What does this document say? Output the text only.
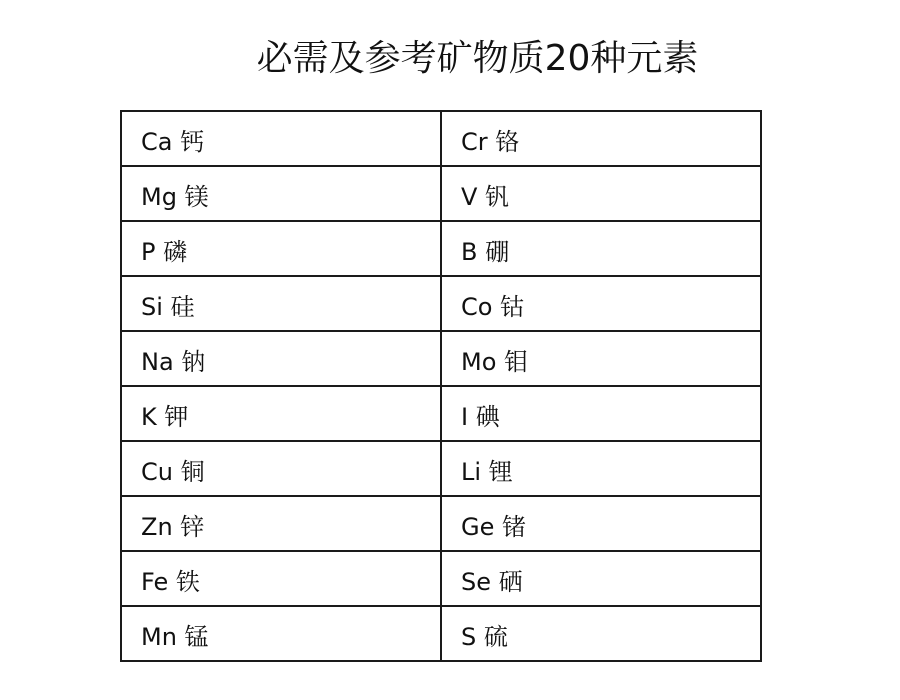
必需及参考矿物质20种元素
Ca 钙	Cr 铬
Mg 镁	V 钒
P 磷	B 硼
Si 硅	Co 钴
Na 钠	Mo 钼
K 钾	I 碘
Cu 铜	Li 锂
Zn 锌	Ge 锗
Fe 铁	Se 硒
Mn 锰	S 硫
